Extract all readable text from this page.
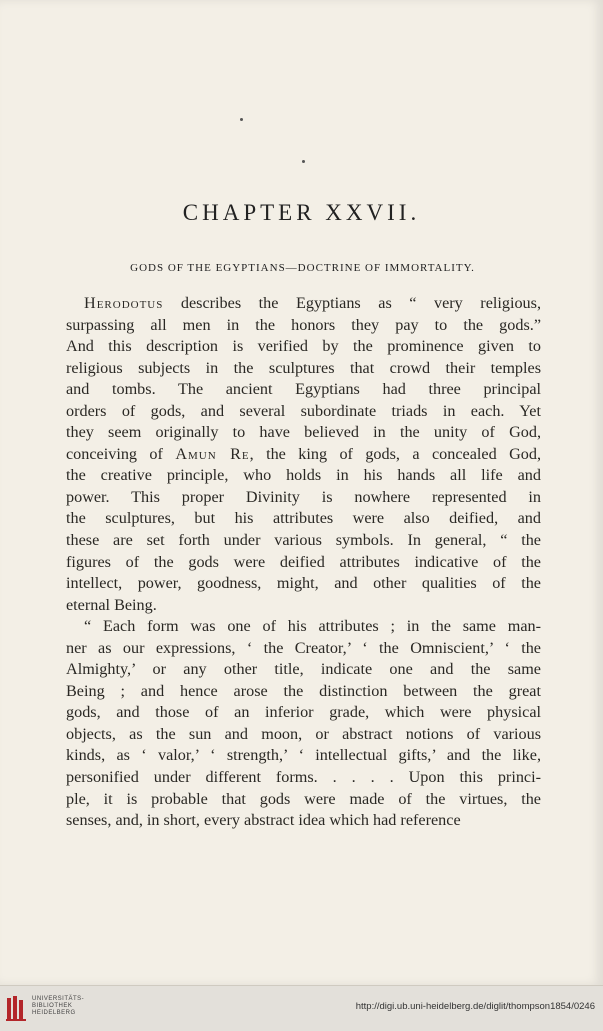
CHAPTER XXVII.
GODS OF THE EGYPTIANS—DOCTRINE OF IMMORTALITY.
Herodotus describes the Egyptians as “ very religious,
surpassing all men in the honors they pay to the gods.”
And this description is verified by the prominence given to
religious subjects in the sculptures that crowd their temples
and tombs. The ancient Egyptians had three principal
orders of gods, and several subordinate triads in each. Yet
they seem originally to have believed in the unity of God,
conceiving of Amun Re, the king of gods, a concealed God,
the creative principle, who holds in his hands all life and
power. This proper Divinity is nowhere represented in
the sculptures, but his attributes were also deified, and
these are set forth under various symbols. In general, “ the
figures of the gods were deified attributes indicative of the
intellect, power, goodness, might, and other qualities of the
eternal Being.
“ Each form was one of his attributes ; in the same man-
ner as our expressions, ‘ the Creator,’ ‘ the Omniscient,’ ‘ the
Almighty,’ or any other title, indicate one and the same
Being ; and hence arose the distinction between the great
gods, and those of an inferior grade, which were physical
objects, as the sun and moon, or abstract notions of various
kinds, as ‘ valor,’ ‘ strength,’ ‘ intellectual gifts,’ and the like,
personified under different forms. . . . . Upon this princi-
ple, it is probable that gods were made of the virtues, the
senses, and, in short, every abstract idea which had reference
UNIVERSITÄTS-
BIBLIOTHEK
HEIDELBERG
http://digi.ub.uni-heidelberg.de/diglit/thompson1854/0246
